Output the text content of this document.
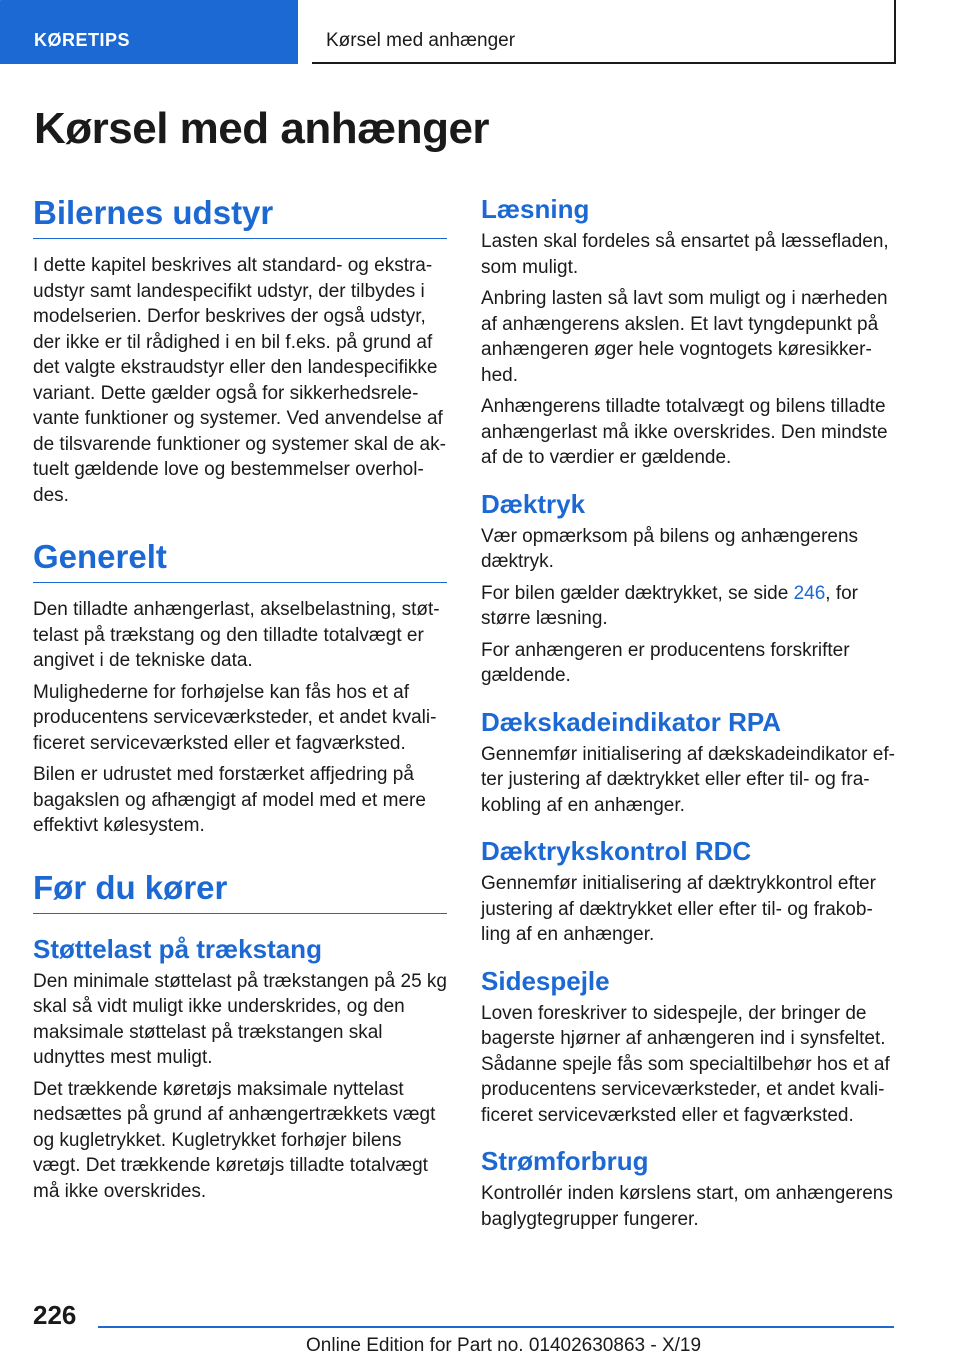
KØRETIPS	Kørsel med anhænger
Kørsel med anhænger
Bilernes udstyr

I dette kapitel beskrives alt standard- og ekstraudstyr samt landespecifikt udstyr, der tilbydes i modelserien. Derfor beskrives der også udstyr, der ikke er til rådighed i en bil f.eks. på grund af det valgte ekstraudstyr eller den landespecifikke variant. Dette gælder også for sikkerhedsrelevante funktioner og systemer. Ved anvendelse af de tilsvarende funktioner og systemer skal de aktuelt gældende love og bestemmelser overholdes.

Generelt

Den tilladte anhængerlast, akselbelastning, støttelast på trækstang og den tilladte totalvægt er angivet i de tekniske data.

Mulighederne for forhøjelse kan fås hos et af producentens serviceværksteder, et andet kvalificeret serviceværksted eller et fagværksted.

Bilen er udrustet med forstærket affjedring på bagakslen og afhængigt af model med et mere effektivt kølesystem.

Før du kører
Støttelast på trækstang

Den minimale støttelast på trækstangen på 25 kg skal så vidt muligt ikke underskrides, og den maksimale støttelast på trækstangen skal udnyttes mest muligt.

Det trækkende køretøjs maksimale nyttelast nedsættes på grund af anhængertrækkets vægt og kugletrykket. Kugletrykket forhøjer bilens vægt. Det trækkende køretøjs tilladte totalvægt må ikke overskrides.

Læsning

Lasten skal fordeles så ensartet på læssefladen, som muligt.

Anbring lasten så lavt som muligt og i nærheden af anhængerens akslen. Et lavt tyngdepunkt på anhængeren øger hele vogntogets køresikkerhed.

Anhængerens tilladte totalvægt og bilens tilladte anhængerlast må ikke overskrides. Den mindste af de to værdier er gældende.

Dæktryk

Vær opmærksom på bilens og anhængerens dæktryk.

For bilen gælder dæktrykket, se side 246, for større læsning.

For anhængeren er producentens forskrifter gældende.

Dækskadeindikator RPA

Gennemfør initialisering af dækskadeindikator efter justering af dæktrykket eller efter til- og frakobling af en anhænger.

Dæktrykskontrol RDC

Gennemfør initialisering af dæktrykkontrol efter justering af dæktrykket eller efter til- og frakobling af en anhænger.

Sidespejle

Loven foreskriver to sidespejle, der bringer de bagerste hjørner af anhængeren ind i synsfeltet. Sådanne spejle fås som specialtilbehør hos et af producentens serviceværksteder, et andet kvalificeret serviceværksted eller et fagværksted.

Strømforbrug

Kontrollér inden kørslens start, om anhængerens baglygtegrupper fungerer.

226
Online Edition for Part no. 01402630863 - X/19
